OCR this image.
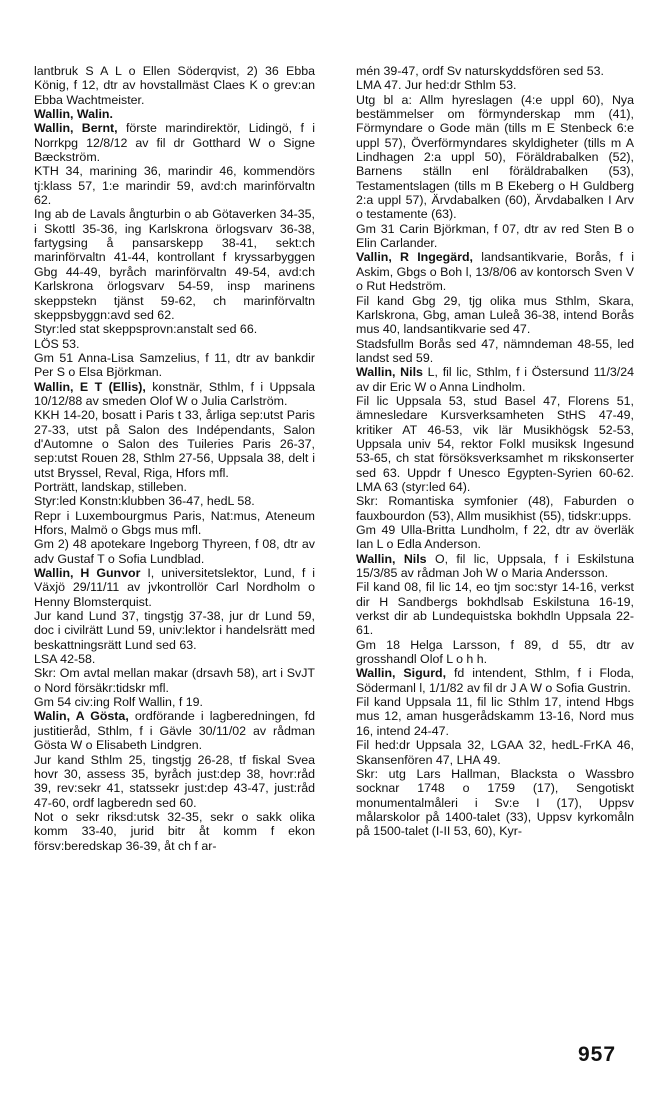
lantbruk S A L o Ellen Söderqvist, 2) 36 Ebba König, f 12, dtr av hovstallmäst Claes K o grev:an Ebba Wachtmeister.

Wallin, Walin.

Wallin, Bernt, förste marindirektör, Lidingö, f i Norrkpg 12/8/12 av fil dr Gotthard W o Signe Bæckström.

KTH 34, marining 36, marindir 46, kommendörs tj:klass 57, 1:e marindir 59, avd:ch marinförvaltn 62.

Ing ab de Lavals ångturbin o ab Götaverken 34-35, i Skottl 35-36, ing Karlskrona örlogsvarv 36-38, fartygsing å pansarskepp 38-41, sekt:ch marinförvaltn 41-44, kontrollant f kryssarbyggen Gbg 44-49, byråch marinförvaltn 49-54, avd:ch Karlskrona örlogsvarv 54-59, insp marinens skeppstekn tjänst 59-62, ch marinförvaltn skeppsbyggn:avd sed 62.

Styr:led stat skeppsprovn:anstalt sed 66.

LÖS 53.

Gm 51 Anna-Lisa Samzelius, f 11, dtr av bankdir Per S o Elsa Björkman.

Wallin, E T (Ellis), konstnär, Sthlm, f i Uppsala 10/12/88 av smeden Olof W o Julia Carlström.

KKH 14-20, bosatt i Paris t 33, årliga sep:utst Paris 27-33, utst på Salon des Indépendants, Salon d'Automne o Salon des Tuileries Paris 26-37, sep:utst Rouen 28, Sthlm 27-56, Uppsala 38, delt i utst Bryssel, Reval, Riga, Hfors mfl.

Porträtt, landskap, stilleben.

Styr:led Konstn:klubben 36-47, hedL 58.

Repr i Luxembourgmus Paris, Nat:mus, Ateneum Hfors, Malmö o Gbgs mus mfl.

Gm 2) 48 apotekare Ingeborg Thyreen, f 08, dtr av adv Gustaf T o Sofia Lundblad.

Wallin, H Gunvor I, universitetslektor, Lund, f i Växjö 29/11/11 av jvkontrollör Carl Nordholm o Henny Blomsterquist.

Jur kand Lund 37, tingstjg 37-38, jur dr Lund 59, doc i civilrätt Lund 59, univ:lektor i handelsrätt med beskattningsrätt Lund sed 63.

LSA 42-58.

Skr: Om avtal mellan makar (drsavh 58), art i SvJT o Nord försäkr:tidskr mfl.

Gm 54 civ:ing Rolf Wallin, f 19.

Walin, A Gösta, ordförande i lagberedningen, fd justitieråd, Sthlm, f i Gävle 30/11/02 av rådman Gösta W o Elisabeth Lindgren.

Jur kand Sthlm 25, tingstjg 26-28, tf fiskal Svea hovr 30, assess 35, byråch just:dep 38, hovr:råd 39, rev:sekr 41, statssekr just:dep 43-47, just:råd 47-60, ordf lagberedn sed 60.

Not o sekr riksd:utsk 32-35, sekr o sakk olika komm 33-40, jurid bitr åt komm f ekon försv:beredskap 36-39, åt ch f ar-

mén 39-47, ordf Sv naturskyddsfören sed 53.

LMA 47. Jur hed:dr Sthlm 53.

Utg bl a: Allm hyreslagen (4:e uppl 60), Nya bestämmelser om förmynderskap mm (41), Förmyndare o Gode män (tills m E Stenbeck 6:e uppl 57), Överförmyndares skyldigheter (tills m A Lindhagen 2:a uppl 50), Föräldrabalken (52), Barnens ställn enl föräldrabalken (53), Testamentslagen (tills m B Ekeberg o H Guldberg 2:a uppl 57), Ärvdabalken (60), Ärvdabalken I Arv o testamente (63).

Gm 31 Carin Björkman, f 07, dtr av red Sten B o Elin Carlander.

Vallin, R Ingegärd, landsantikvarie, Borås, f i Askim, Gbgs o Boh l, 13/8/06 av kontorsch Sven V o Rut Hedström.

Fil kand Gbg 29, tjg olika mus Sthlm, Skara, Karlskrona, Gbg, aman Luleå 36-38, intend Borås mus 40, landsantikvarie sed 47.

Stadsfullm Borås sed 47, nämndeman 48-55, led landst sed 59.

Wallin, Nils L, fil lic, Sthlm, f i Östersund 11/3/24 av dir Eric W o Anna Lindholm.

Fil lic Uppsala 53, stud Basel 47, Florens 51, ämnesledare Kursverksamheten StHS 47-49, kritiker AT 46-53, vik lär Musikhögsk 52-53, Uppsala univ 54, rektor Folkl musiksk Ingesund 53-65, ch stat försöksverksamhet m rikskonserter sed 63. Uppdr f Unesco Egypten-Syrien 60-62. LMA 63 (styr:led 64).

Skr: Romantiska symfonier (48), Faburden o fauxbourdon (53), Allm musikhist (55), tidskr:upps.

Gm 49 Ulla-Britta Lundholm, f 22, dtr av överläk Ian L o Edla Anderson.

Wallin, Nils O, fil lic, Uppsala, f i Eskilstuna 15/3/85 av rådman Joh W o Maria Andersson.

Fil kand 08, fil lic 14, eo tjm soc:styr 14-16, verkst dir H Sandbergs bokhdlsab Eskilstuna 16-19, verkst dir ab Lundequistska bokhdln Uppsala 22-61.

Gm 18 Helga Larsson, f 89, d 55, dtr av grosshandl Olof L o h h.

Wallin, Sigurd, fd intendent, Sthlm, f i Floda, Södermanl l, 1/1/82 av fil dr J A W o Sofia Gustrin.

Fil kand Uppsala 11, fil lic Sthlm 17, intend Hbgs mus 12, aman husgerådskamm 13-16, Nord mus 16, intend 24-47.

Fil hed:dr Uppsala 32, LGAA 32, hedL-FrKA 46, Skansenfören 47, LHA 49.

Skr: utg Lars Hallman, Blacksta o Wassbro socknar 1748 o 1759 (17), Sengotiskt monumentalmåleri i Sv:e I (17), Uppsv målarskolor på 1400-talet (33), Uppsv kyrkomåln på 1500-talet (I-II 53, 60), Kyr-

957
